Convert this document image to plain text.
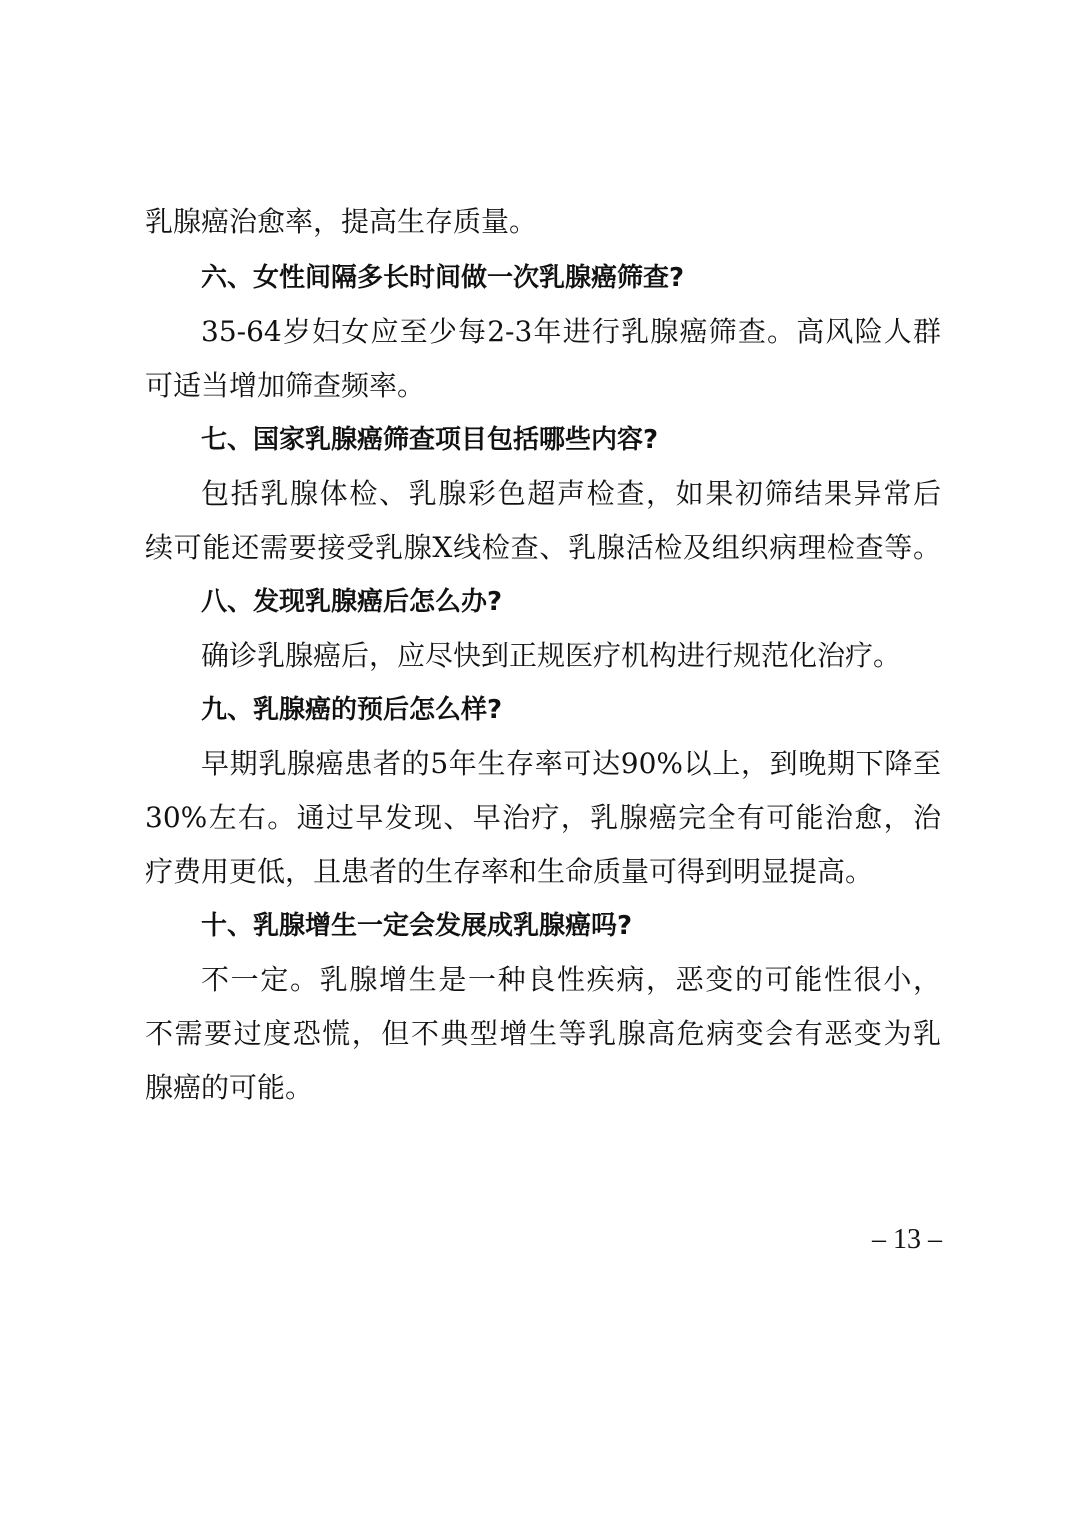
乳腺癌治愈率，提高生存质量。
六、女性间隔多长时间做一次乳腺癌筛查?
35-64岁妇女应至少每2-3年进行乳腺癌筛查。高风险人群
可适当增加筛查频率。
七、国家乳腺癌筛查项目包括哪些内容?
包括乳腺体检、乳腺彩色超声检查，如果初筛结果异常后
续可能还需要接受乳腺X线检查、乳腺活检及组织病理检查等。
八、发现乳腺癌后怎么办?
确诊乳腺癌后，应尽快到正规医疗机构进行规范化治疗。
九、乳腺癌的预后怎么样?
早期乳腺癌患者的5年生存率可达90%以上，到晚期下降至
30%左右。通过早发现、早治疗，乳腺癌完全有可能治愈，治
疗费用更低，且患者的生存率和生命质量可得到明显提高。
十、乳腺增生一定会发展成乳腺癌吗?
不一定。乳腺增生是一种良性疾病，恶变的可能性很小，
不需要过度恐慌，但不典型增生等乳腺高危病变会有恶变为乳
腺癌的可能。
– 13 –
